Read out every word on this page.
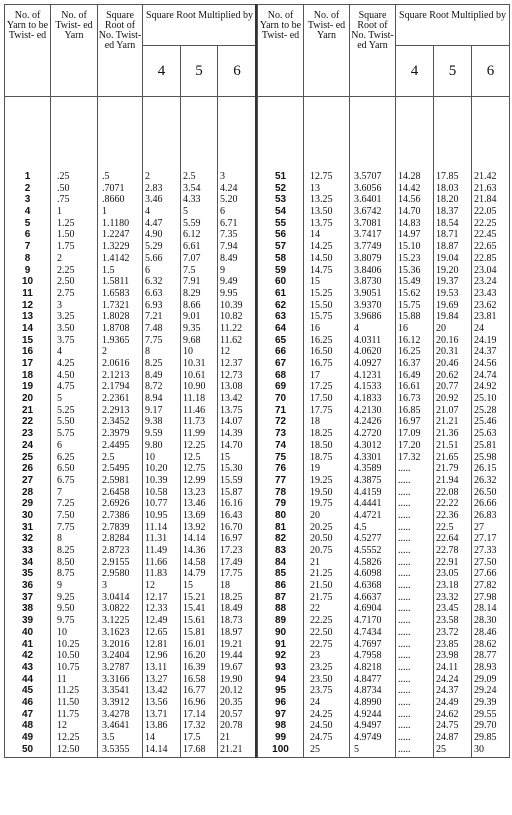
No. of Yarn to be Twist- ed	No. of Twist- ed Yarn	Square Root of No. Twist- ed Yarn	Square Root Multiplied by
4	5	6
1	.25	.5	2	2.5	3
2	.50	.7071	2.83	3.54	4.24
3	.75	.8660	3.46	4.33	5.20
4	1	1	4	5	6
5	1.25	1.1180	4.47	5.59	6.71
6	1.50	1.2247	4.90	6.12	7.35
7	1.75	1.3229	5.29	6.61	7.94
8	2	1.4142	5.66	7.07	8.49
9	2.25	1.5	6	7.5	9
10	2.50	1.5811	6.32	7.91	9.49
11	2.75	1.6583	6.63	8.29	9.95
12	3	1.7321	6.93	8.66	10.39
13	3.25	1.8028	7.21	9.01	10.82
14	3.50	1.8708	7.48	9.35	11.22
15	3.75	1.9365	7.75	9.68	11.62
16	4	2	8	10	12
17	4.25	2.0616	8.25	10.31	12.37
18	4.50	2.1213	8.49	10.61	12.73
19	4.75	2.1794	8.72	10.90	13.08
20	5	2.2361	8.94	11.18	13.42
21	5.25	2.2913	9.17	11.46	13.75
22	5.50	2.3452	9.38	11.73	14.07
23	5.75	2.3979	9.59	11.99	14.39
24	6	2.4495	9.80	12.25	14.70
25	6.25	2.5	10	12.5	15
26	6.50	2.5495	10.20	12.75	15.30
27	6.75	2.5981	10.39	12.99	15.59
28	7	2.6458	10.58	13.23	15.87
29	7.25	2.6926	10.77	13.46	16.16
30	7.50	2.7386	10.95	13.69	16.43
31	7.75	2.7839	11.14	13.92	16.70
32	8	2.8284	11.31	14.14	16.97
33	8.25	2.8723	11.49	14.36	17.23
34	8.50	2.9155	11.66	14.58	17.49
35	8.75	2.9580	11.83	14.79	17.75
36	9	3	12	15	18
37	9.25	3.0414	12.17	15.21	18.25
38	9.50	3.0822	12.33	15.41	18.49
39	9.75	3.1225	12.49	15.61	18.73
40	10	3.1623	12.65	15.81	18.97
41	10.25	3.2016	12.81	16.01	19.21
42	10.50	3.2404	12.96	16.20	19.44
43	10.75	3.2787	13.11	16.39	19.67
44	11	3.3166	13.27	16.58	19.90
45	11.25	3.3541	13.42	16.77	20.12
46	11.50	3.3912	13.56	16.96	20.35
47	11.75	3.4278	13.71	17.14	20.57
48	12	3.4641	13.86	17.32	20.78
49	12.25	3.5	14	17.5	21
50	12.50	3.5355	14.14	17.68	21.21

No. of Yarn to be Twist- ed	No. of Twist- ed Yarn	Square Root of No. Twist- ed Yarn	Square Root Multiplied by
4	5	6
51	12.75	3.5707	14.28	17.85	21.42
52	13	3.6056	14.42	18.03	21.63
53	13.25	3.6401	14.56	18.20	21.84
54	13.50	3.6742	14.70	18.37	22.05
55	13.75	3.7081	14.83	18.54	22.25
56	14	3.7417	14.97	18.71	22.45
57	14.25	3.7749	15.10	18.87	22.65
58	14.50	3.8079	15.23	19.04	22.85
59	14.75	3.8406	15.36	19.20	23.04
60	15	3.8730	15.49	19.37	23.24
61	15.25	3.9051	15.62	19.53	23.43
62	15.50	3.9370	15.75	19.69	23.62
63	15.75	3.9686	15.88	19.84	23.81
64	16	4	16	20	24
65	16.25	4.0311	16.12	20.16	24.19
66	16.50	4.0620	16.25	20.31	24.37
67	16.75	4.0927	16.37	20.46	24.56
68	17	4.1231	16.49	20.62	24.74
69	17.25	4.1533	16.61	20.77	24.92
70	17.50	4.1833	16.73	20.92	25.10
71	17.75	4.2130	16.85	21.07	25.28
72	18	4.2426	16.97	21.21	25.46
73	18.25	4.2720	17.09	21.36	25.63
74	18.50	4.3012	17.20	21.51	25.81
75	18.75	4.3301	17.32	21.65	25.98
76	19	4.3589	.....	21.79	26.15
77	19.25	4.3875	.....	21.94	26.32
78	19.50	4.4159	.....	22.08	26.50
79	19.75	4.4441	.....	22.22	26.66
80	20	4.4721	.....	22.36	26.83
81	20.25	4.5	.....	22.5	27
82	20.50	4.5277	.....	22.64	27.17
83	20.75	4.5552	.....	22.78	27.33
84	21	4.5826	.....	22.91	27.50
85	21.25	4.6098	.....	23.05	27.66
86	21.50	4.6368	.....	23.18	27.82
87	21.75	4.6637	.....	23.32	27.98
88	22	4.6904	.....	23.45	28.14
89	22.25	4.7170	.....	23.58	28.30
90	22.50	4.7434	.....	23.72	28.46
91	22.75	4.7697	.....	23.85	28.62
92	23	4.7958	.....	23.98	28.77
93	23.25	4.8218	.....	24.11	28.93
94	23.50	4.8477	.....	24.24	29.09
95	23.75	4.8734	.....	24.37	29.24
96	24	4.8990	.....	24.49	29.39
97	24.25	4.9244	.....	24.62	29.55
98	24.50	4.9497	.....	24.75	29.70
99	24.75	4.9749	.....	24.87	29.85
100	25	5	.....	25	30
